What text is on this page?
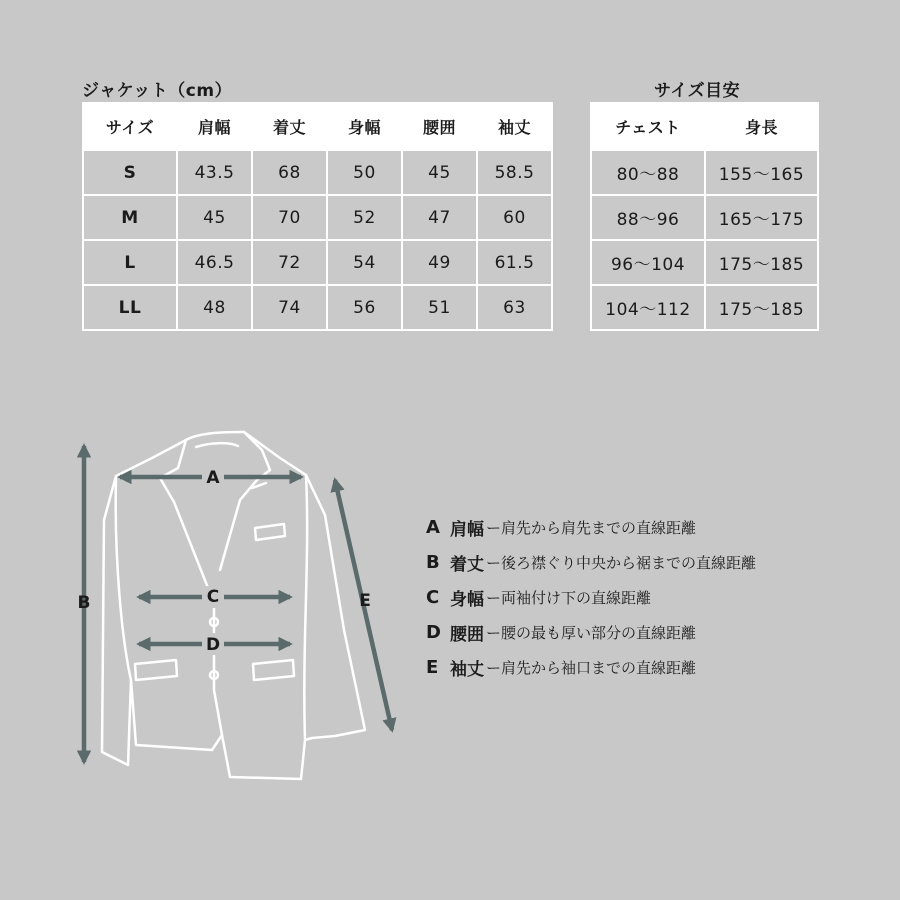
ジャケット（cm）	サイズ目安
サイズ	肩幅	着丈	身幅	腰囲	袖丈
S	43.5	68	50	45	58.5
M	45	70	52	47	60
L	46.5	72	54	49	61.5
LL	48	74	56	51	63
チェスト	身長
80～88	155～165
88～96	165～175
96～104	175～185
104～112	175～185
A
B	C
D
E
A 肩幅 ー肩先から肩先までの直線距離
B 着丈 ー後ろ襟ぐり中央から裾までの直線距離
C 身幅 ー両袖付け下の直線距離
D 腰囲 ー腰の最も厚い部分の直線距離
E 袖丈 ー肩先から袖口までの直線距離
